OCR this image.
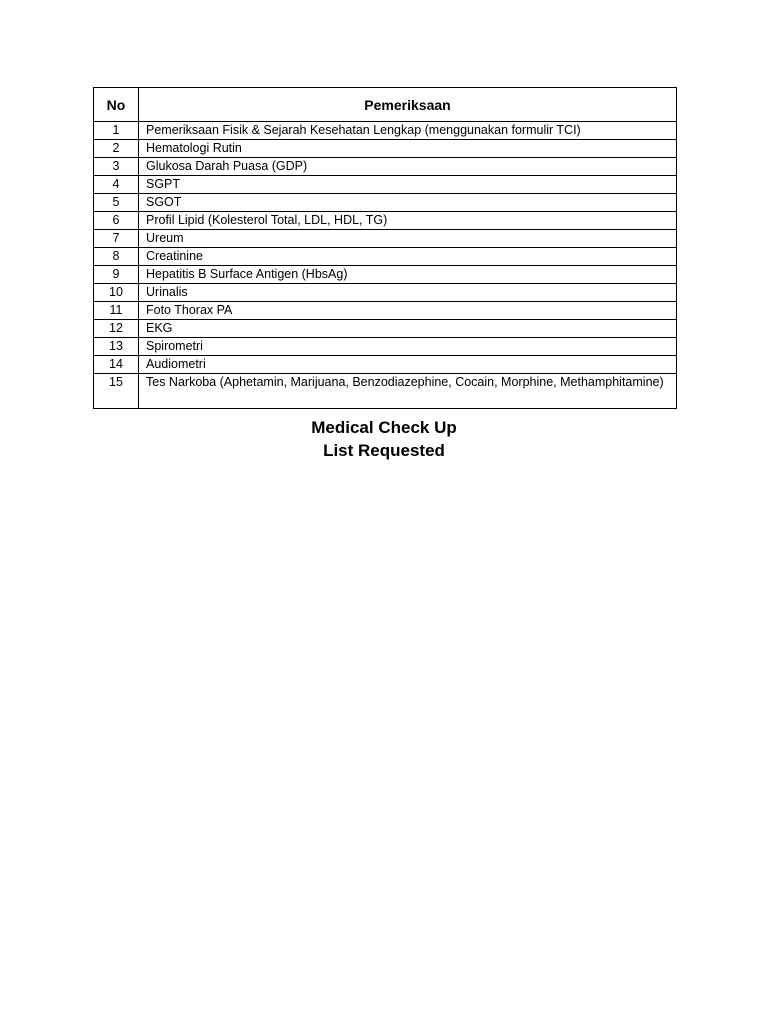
No	Pemeriksaan
1	Pemeriksaan Fisik & Sejarah Kesehatan Lengkap (menggunakan formulir TCI)
2	Hematologi Rutin
3	Glukosa Darah Puasa (GDP)
4	SGPT
5	SGOT
6	Profil Lipid (Kolesterol Total, LDL, HDL, TG)
7	Ureum
8	Creatinine
9	Hepatitis B Surface Antigen (HbsAg)
10	Urinalis
11	Foto Thorax PA
12	EKG
13	Spirometri
14	Audiometri
15	Tes Narkoba (Aphetamin, Marijuana, Benzodiazephine, Cocain, Morphine, Methamphitamine)
Medical Check Up
List Requested
